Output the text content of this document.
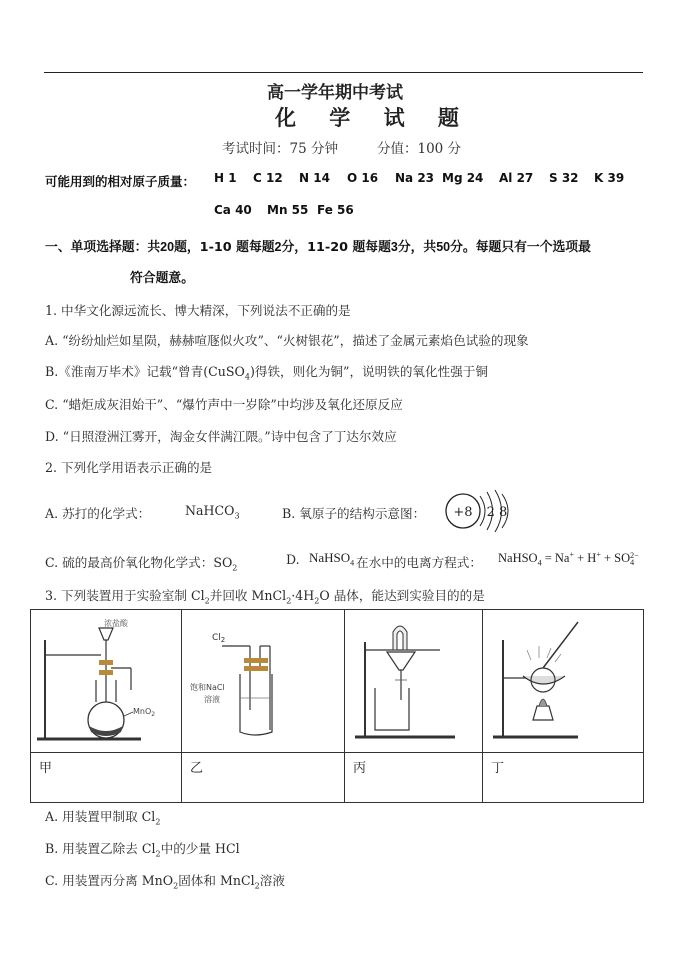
高一学年期中考试
化 学 试 题
考试时间：75 分钟	分值：100 分
可能用到的相对原子质量： H 1 C 12 N 14 O 16 Na 23 Mg 24 Al 27 S 32 K 39
Ca 40 Mn 55 Fe 56
一、单项选择题：共20题，1-10 题每题2分，11-20 题每题3分，共50分。每题只有一个选项最
符合题意。
1. 中华文化源远流长、博大精深，下列说法不正确的是
A. “纷纷灿烂如星陨，赫赫喧豗似火攻”、“火树银花”，描述了金属元素焰色试验的现象
B.《淮南万毕术》记载“曾青(CuSO$_4$)得铁，则化为铜”，说明铁的氧化性强于铜
C. “蜡炬成灰泪始干”、“爆竹声中一岁除”中均涉及氧化还原反应
D. “日照澄洲江雾开，淘金女伴满江隈。”诗中包含了丁达尔效应
2. 下列化学用语表示正确的是
A. 苏打的化学式：	NaHCO$_3$	B. 氧原子的结构示意图： +8 2 8
C. 硫的最高价氧化物化学式：$SO_2$
D. NaHSO$_4$ 在水中的电离方程式： NaHSO$_4$ = Na+ + H+ + SO2−
4
3. 下列装置用于实验室制 $Cl_2$并回收 $MnCl_2\cdot 4H_2O$ 晶体，能达到实验目的的是
浓盐酸
MnO$_2$	$Cl_2$
饱和NaCl
溶液

甲	乙	丙	丁
A. 用装置甲制取 $Cl_2$
B. 用装置乙除去 $Cl_2$中的少量 HCl
C. 用装置丙分离 MnO$_2$固体和 MnCl$_2$溶液
